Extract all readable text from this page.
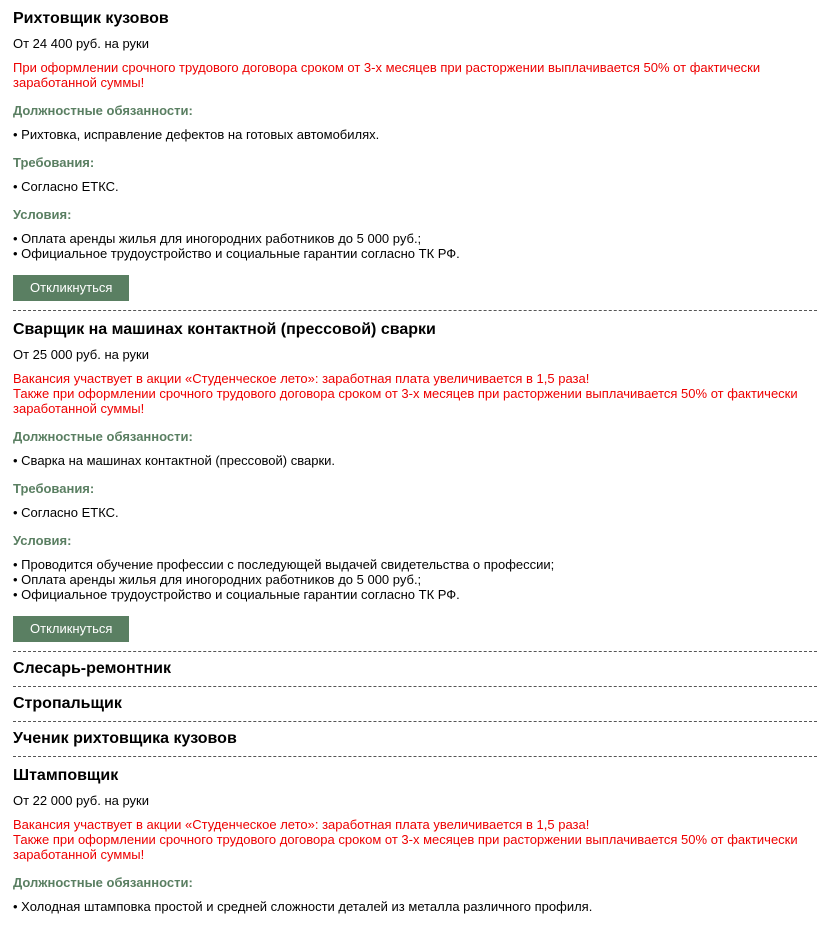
Рихтовщик кузовов
От 24 400 руб. на руки
При оформлении срочного трудового договора сроком от 3-х месяцев при расторжении выплачивается 50% от фактически заработанной суммы!
Должностные обязанности:
• Рихтовка, исправление дефектов на готовых автомобилях.
Требования:
• Согласно ЕТКС.
Условия:
• Оплата аренды жилья для иногородних работников до 5 000 руб.;
• Официальное трудоустройство и социальные гарантии согласно ТК РФ.
Откликнуться
Сварщик на машинах контактной (прессовой) сварки
От 25 000 руб. на руки
Вакансия участвует в акции «Студенческое лето»: заработная плата увеличивается в 1,5 раза!
Также при оформлении срочного трудового договора сроком от 3-х месяцев при расторжении выплачивается 50% от фактически заработанной суммы!
Должностные обязанности:
• Сварка на машинах контактной (прессовой) сварки.
Требования:
• Согласно ЕТКС.
Условия:
• Проводится обучение профессии с последующей выдачей свидетельства о профессии;
• Оплата аренды жилья для иногородних работников до 5 000 руб.;
• Официальное трудоустройство и социальные гарантии согласно ТК РФ.
Откликнуться
Слесарь-ремонтник
Стропальщик
Ученик рихтовщика кузовов
Штамповщик
От 22 000 руб. на руки
Вакансия участвует в акции «Студенческое лето»: заработная плата увеличивается в 1,5 раза!
Также при оформлении срочного трудового договора сроком от 3-х месяцев при расторжении выплачивается 50% от фактически заработанной суммы!
Должностные обязанности:
• Холодная штамповка простой и средней сложности деталей из металла различного профиля.
